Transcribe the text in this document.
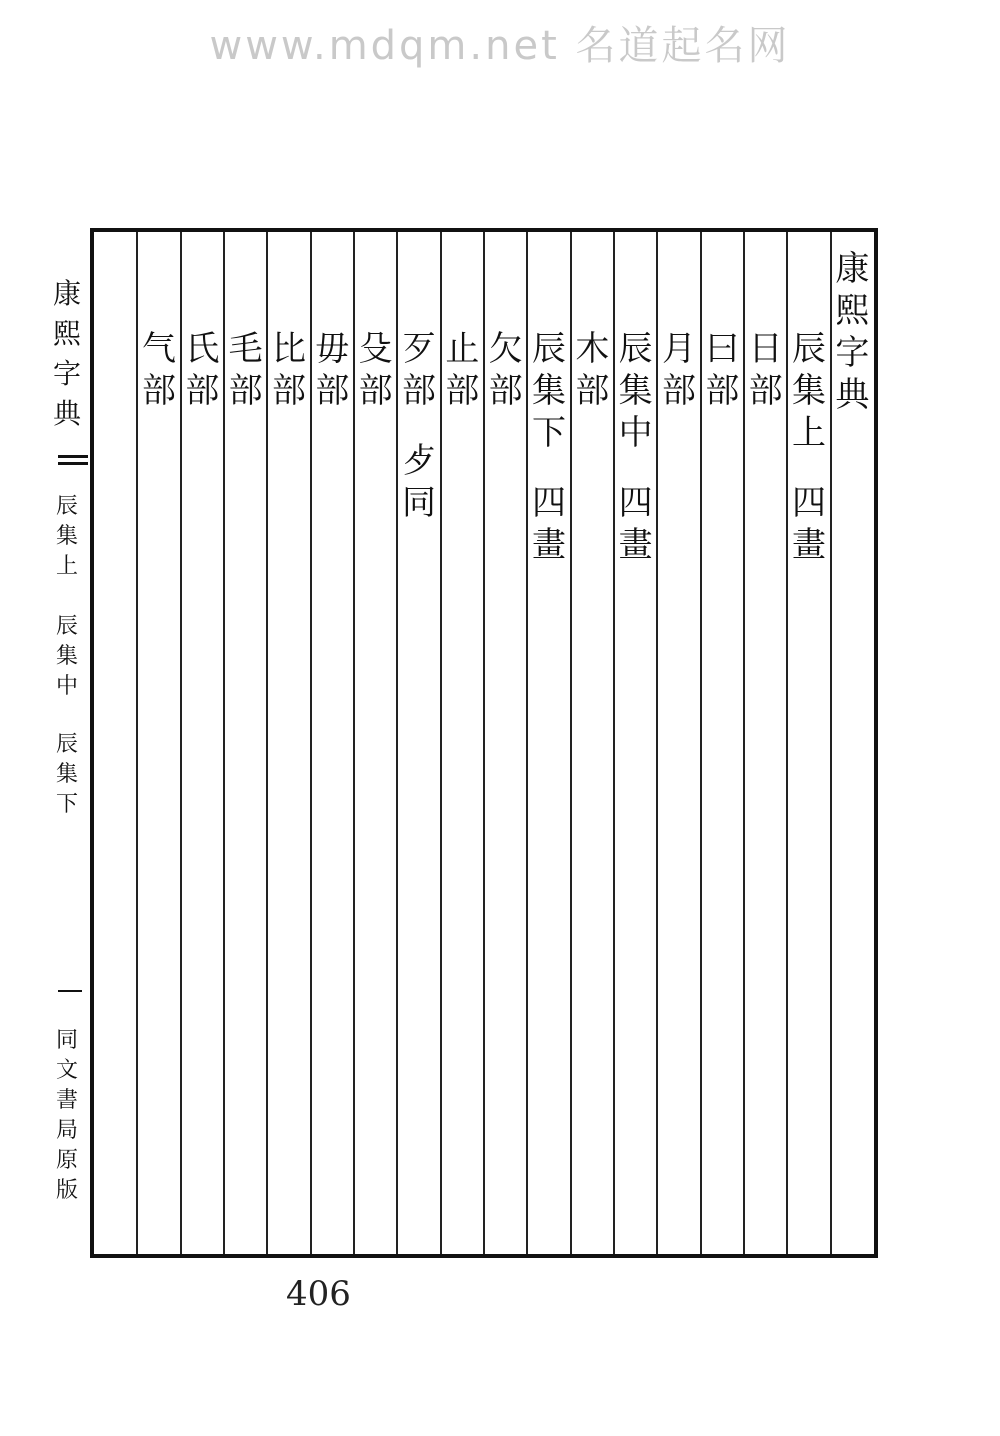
www.mdqm.net 名道起名网
康
熙
字
典
辰
集
上
辰
集
中
辰
集
下
同
文
書
局
原
版
康
熙
字
典
辰
集
上
四
畫
日
部
曰
部
月
部
辰
集
中
四
畫
木
部
辰
集
下
四
畫
欠
部
止
部
歹
部
歺
同
殳
部
毋
部
比
部
毛
部
氏
部
气
部
406
